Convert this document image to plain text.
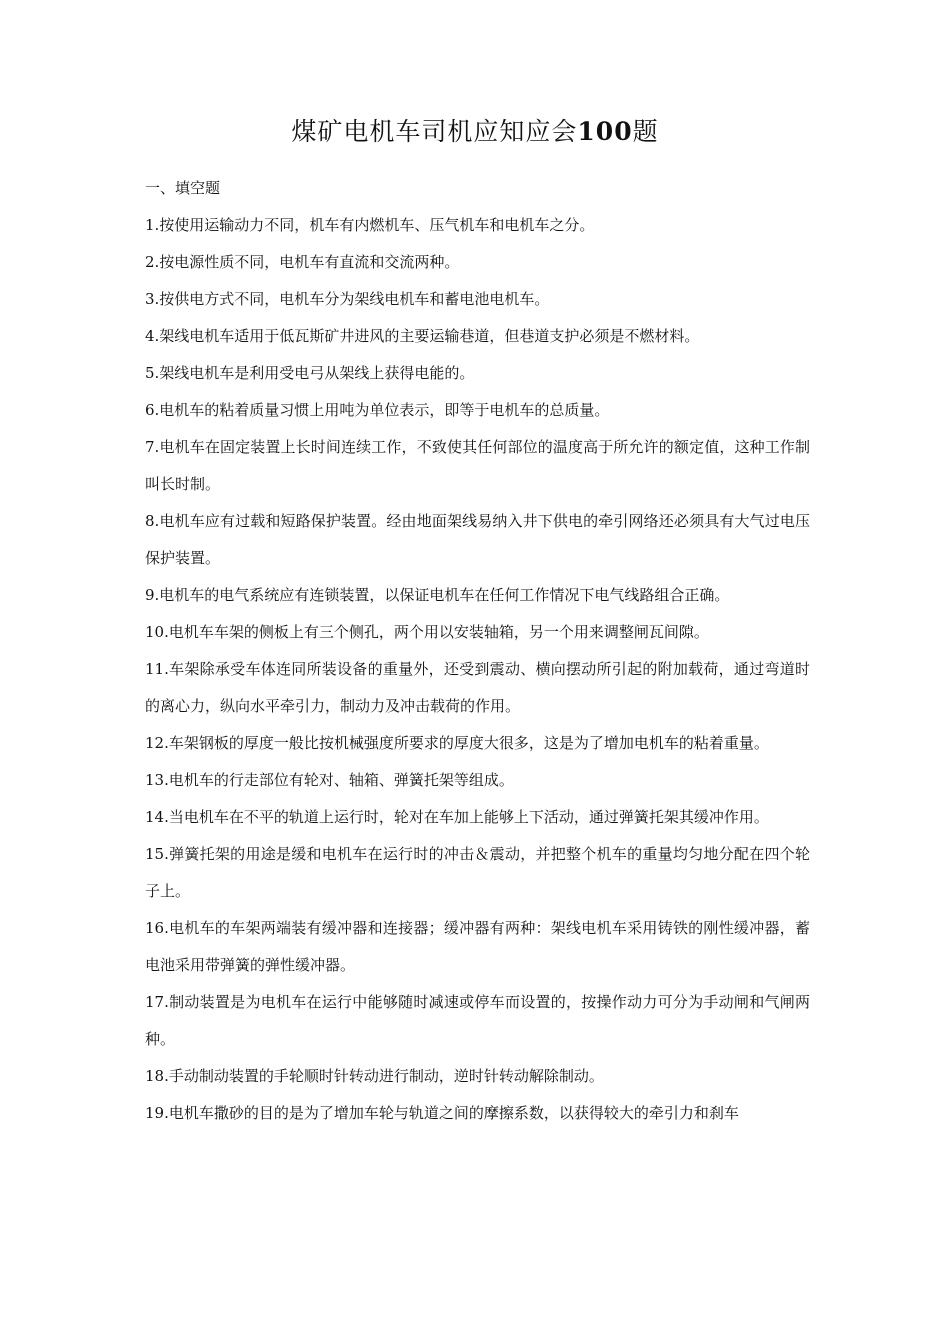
煤矿电机车司机应知应会100题

一、填空题

1.按使用运输动力不同，机车有内燃机车、压气机车和电机车之分。

2.按电源性质不同，电机车有直流和交流两种。

3.按供电方式不同，电机车分为架线电机车和蓄电池电机车。

4.架线电机车适用于低瓦斯矿井进风的主要运输巷道，但巷道支护必须是不燃材料。

5.架线电机车是利用受电弓从架线上获得电能的。

6.电机车的粘着质量习惯上用吨为单位表示，即等于电机车的总质量。

7.电机车在固定装置上长时间连续工作，不致使其任何部位的温度高于所允许的额定值，这种工作制叫长时制。

8.电机车应有过载和短路保护装置。经由地面架线易纳入井下供电的牵引网络还必须具有大气过电压保护装置。

9.电机车的电气系统应有连锁装置，以保证电机车在任何工作情况下电气线路组合正确。

10.电机车车架的侧板上有三个侧孔，两个用以安装轴箱，另一个用来调整闸瓦间隙。

11.车架除承受车体连同所装设备的重量外，还受到震动、横向摆动所引起的附加载荷，通过弯道时的离心力，纵向水平牵引力，制动力及冲击载荷的作用。

12.车架钢板的厚度一般比按机械强度所要求的厚度大很多，这是为了增加电机车的粘着重量。

13.电机车的行走部位有轮对、轴箱、弹簧托架等组成。

14.当电机车在不平的轨道上运行时，轮对在车加上能够上下活动，通过弹簧托架其缓冲作用。

15.弹簧托架的用途是缓和电机车在运行时的冲击＆震动，并把整个机车的重量均匀地分配在四个轮子上。

16.电机车的车架两端装有缓冲器和连接器；缓冲器有两种：架线电机车采用铸铁的刚性缓冲器，蓄电池采用带弹簧的弹性缓冲器。

17.制动装置是为电机车在运行中能够随时减速或停车而设置的，按操作动力可分为手动闸和气闸两种。

18.手动制动装置的手轮顺时针转动进行制动，逆时针转动解除制动。

19.电机车撒砂的目的是为了增加车轮与轨道之间的摩擦系数，以获得较大的牵引力和刹车
